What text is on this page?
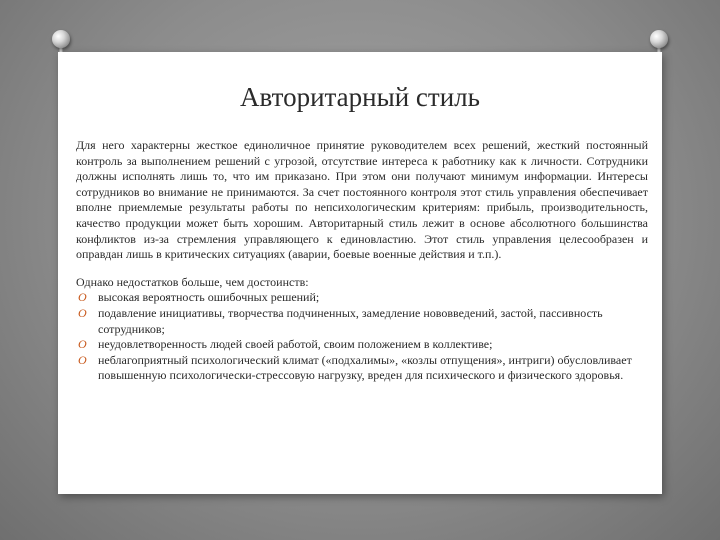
Авторитарный стиль

Для него характерны жесткое единоличное принятие руководителем всех решений, жесткий постоянный контроль за выполнением решений с угрозой, отсутствие интереса к работнику как к личности. Сотрудники должны исполнять лишь то, что им приказано. При этом они получают минимум информации. Интересы сотрудников во внимание не принимаются. За счет постоянного контроля этот стиль управления обеспечивает вполне приемлемые результаты работы по непсихологическим критериям: прибыль, производительность, качество продукции может быть хорошим. Авторитарный стиль лежит в основе абсолютного большинства конфликтов из-за стремления управляющего к единовластию. Этот стиль управления целесообразен и оправдан лишь в критических ситуациях (аварии, боевые военные действия и т.п.).

Однако недостатков больше, чем достоинств:

O высокая вероятность ошибочных решений;
O подавление инициативы, творчества подчиненных, замедление нововведений, застой, пассивность сотрудников;
O неудовлетворенность людей своей работой, своим положением в коллективе;
O неблагоприятный психологический климат («подхалимы», «козлы отпущения», интриги) обусловливает повышенную психологически-стрессовую нагрузку, вреден для психического и физического здоровья.
